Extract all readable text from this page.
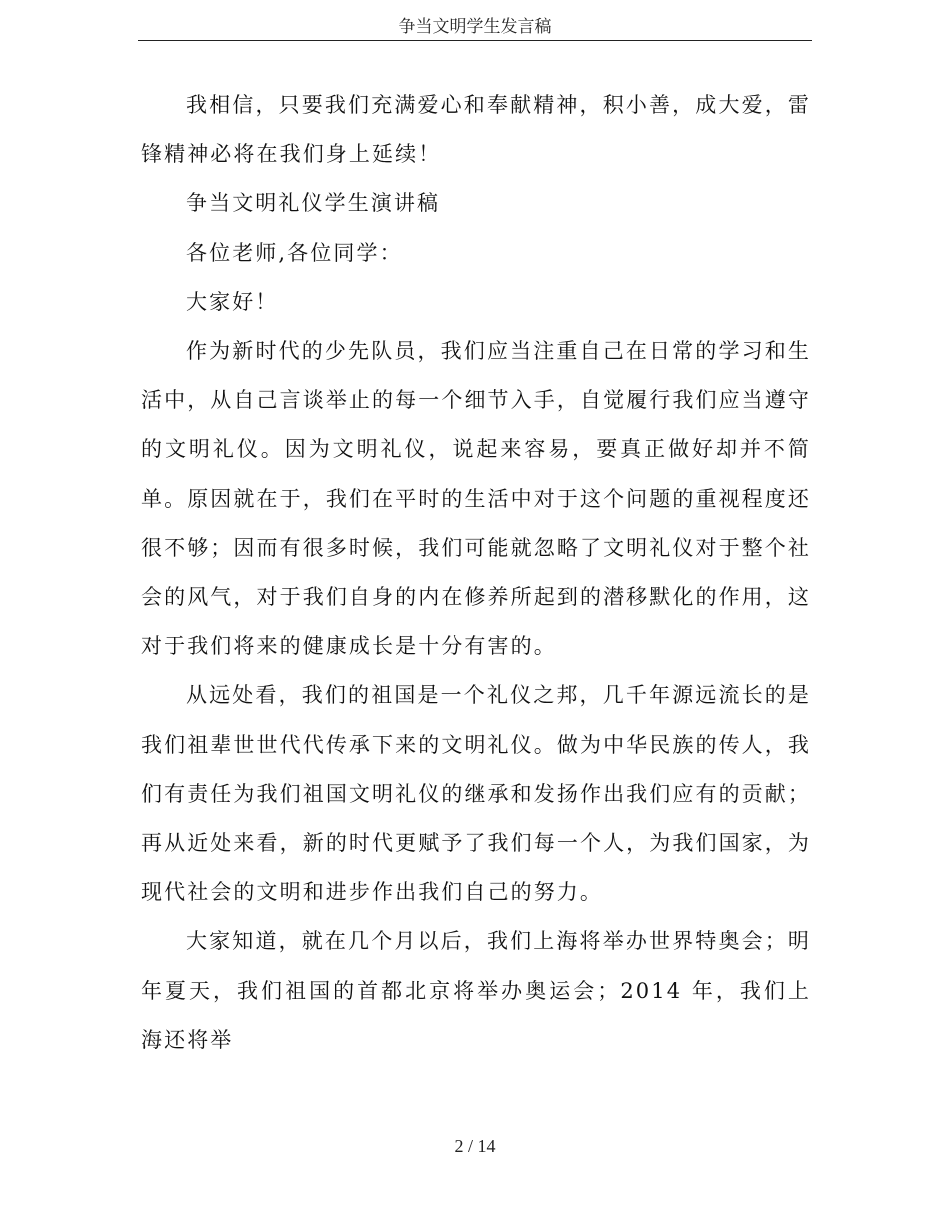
争当文明学生发言稿

我相信，只要我们充满爱心和奉献精神，积小善，成大爱，雷锋精神必将在我们身上延续！

争当文明礼仪学生演讲稿

各位老师,各位同学：

大家好！

作为新时代的少先队员，我们应当注重自己在日常的学习和生活中，从自己言谈举止的每一个细节入手，自觉履行我们应当遵守的文明礼仪。因为文明礼仪，说起来容易，要真正做好却并不简单。原因就在于，我们在平时的生活中对于这个问题的重视程度还很不够；因而有很多时候，我们可能就忽略了文明礼仪对于整个社会的风气，对于我们自身的内在修养所起到的潜移默化的作用，这对于我们将来的健康成长是十分有害的。

从远处看，我们的祖国是一个礼仪之邦，几千年源远流长的是我们祖辈世世代代传承下来的文明礼仪。做为中华民族的传人，我们有责任为我们祖国文明礼仪的继承和发扬作出我们应有的贡献；再从近处来看，新的时代更赋予了我们每一个人，为我们国家，为现代社会的文明和进步作出我们自己的努力。

大家知道，就在几个月以后，我们上海将举办世界特奥会；明年夏天，我们祖国的首都北京将举办奥运会；2014 年，我们上海还将举

2 / 14
